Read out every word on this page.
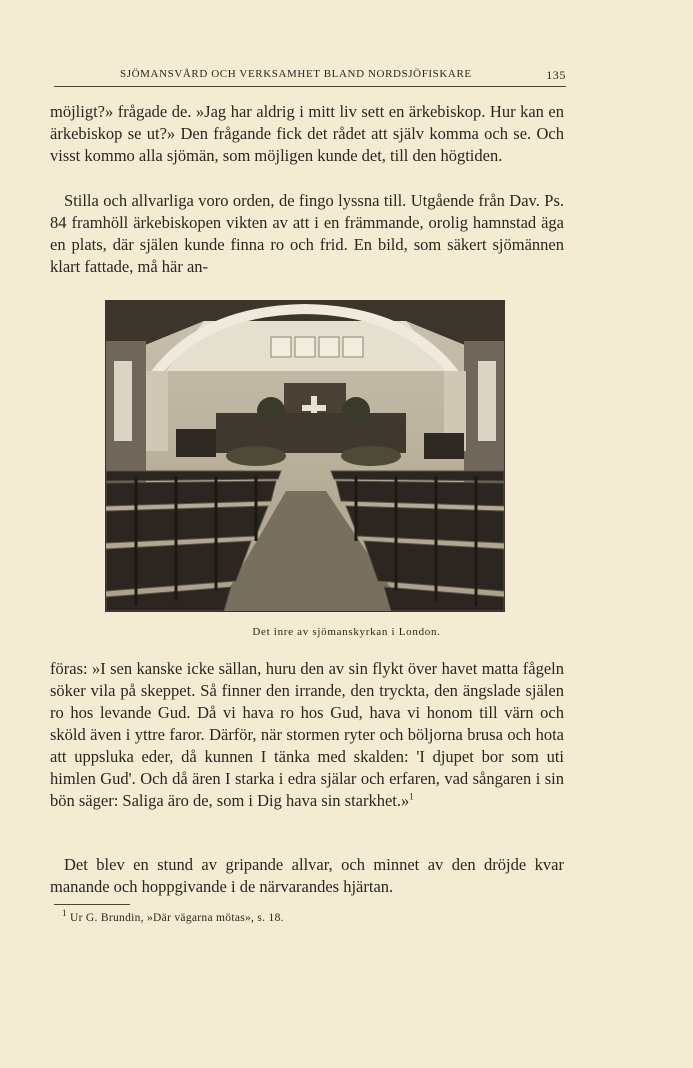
SJÖMANSVÅRD OCH VERKSAMHET BLAND NORDSJÖFISKARE	135

möjligt?» frågade de. »Jag har aldrig i mitt liv sett en ärkebiskop. Hur kan en ärkebiskop se ut?» Den frågande fick det rådet att själv komma och se. Och visst kommo alla sjömän, som möjligen kunde det, till den högtiden.

Stilla och allvarliga voro orden, de fingo lyssna till. Utgående från Dav. Ps. 84 framhöll ärkebiskopen vikten av att i en främmande, orolig hamnstad äga en plats, där själen kunde finna ro och frid. En bild, som säkert sjömännen klart fattade, må här an-

Det inre av sjömanskyrkan i London.

föras: »I sen kanske icke sällan, huru den av sin flykt över havet matta fågeln söker vila på skeppet. Så finner den irrande, den tryckta, den ängslade själen ro hos levande Gud. Då vi hava ro hos Gud, hava vi honom till värn och sköld även i yttre faror. Därför, när stormen ryter och böljorna brusa och hota att uppsluka eder, då kunnen I tänka med skalden: 'I djupet bor som uti himlen Gud'. Och då ären I starka i edra själar och erfaren, vad sångaren i sin bön säger: Saliga äro de, som i Dig hava sin starkhet.»$^1$

Det blev en stund av gripande allvar, och minnet av den dröjde kvar manande och hoppgivande i de närvarandes hjärtan.

$^1$ Ur G. Brundin, »Där vägarna mötas», s. 18.
